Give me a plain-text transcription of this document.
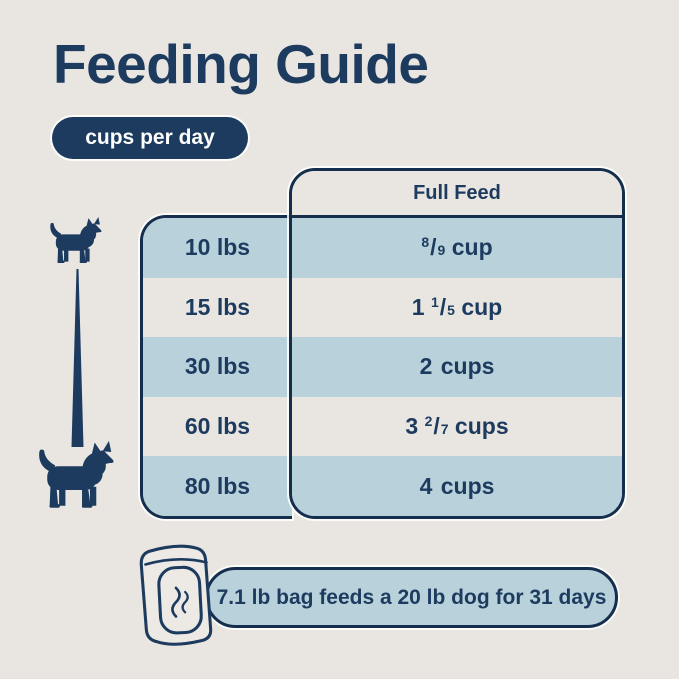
Feeding Guide
cups per day
10 lbs
15 lbs
30 lbs
60 lbs
80 lbs
Full Feed
$^8$/9 cup
1 $^1$/5 cup
2 cups
3 $^2$/7 cups
4 cups
7.1 lb bag feeds a 20 lb dog for 31 days
